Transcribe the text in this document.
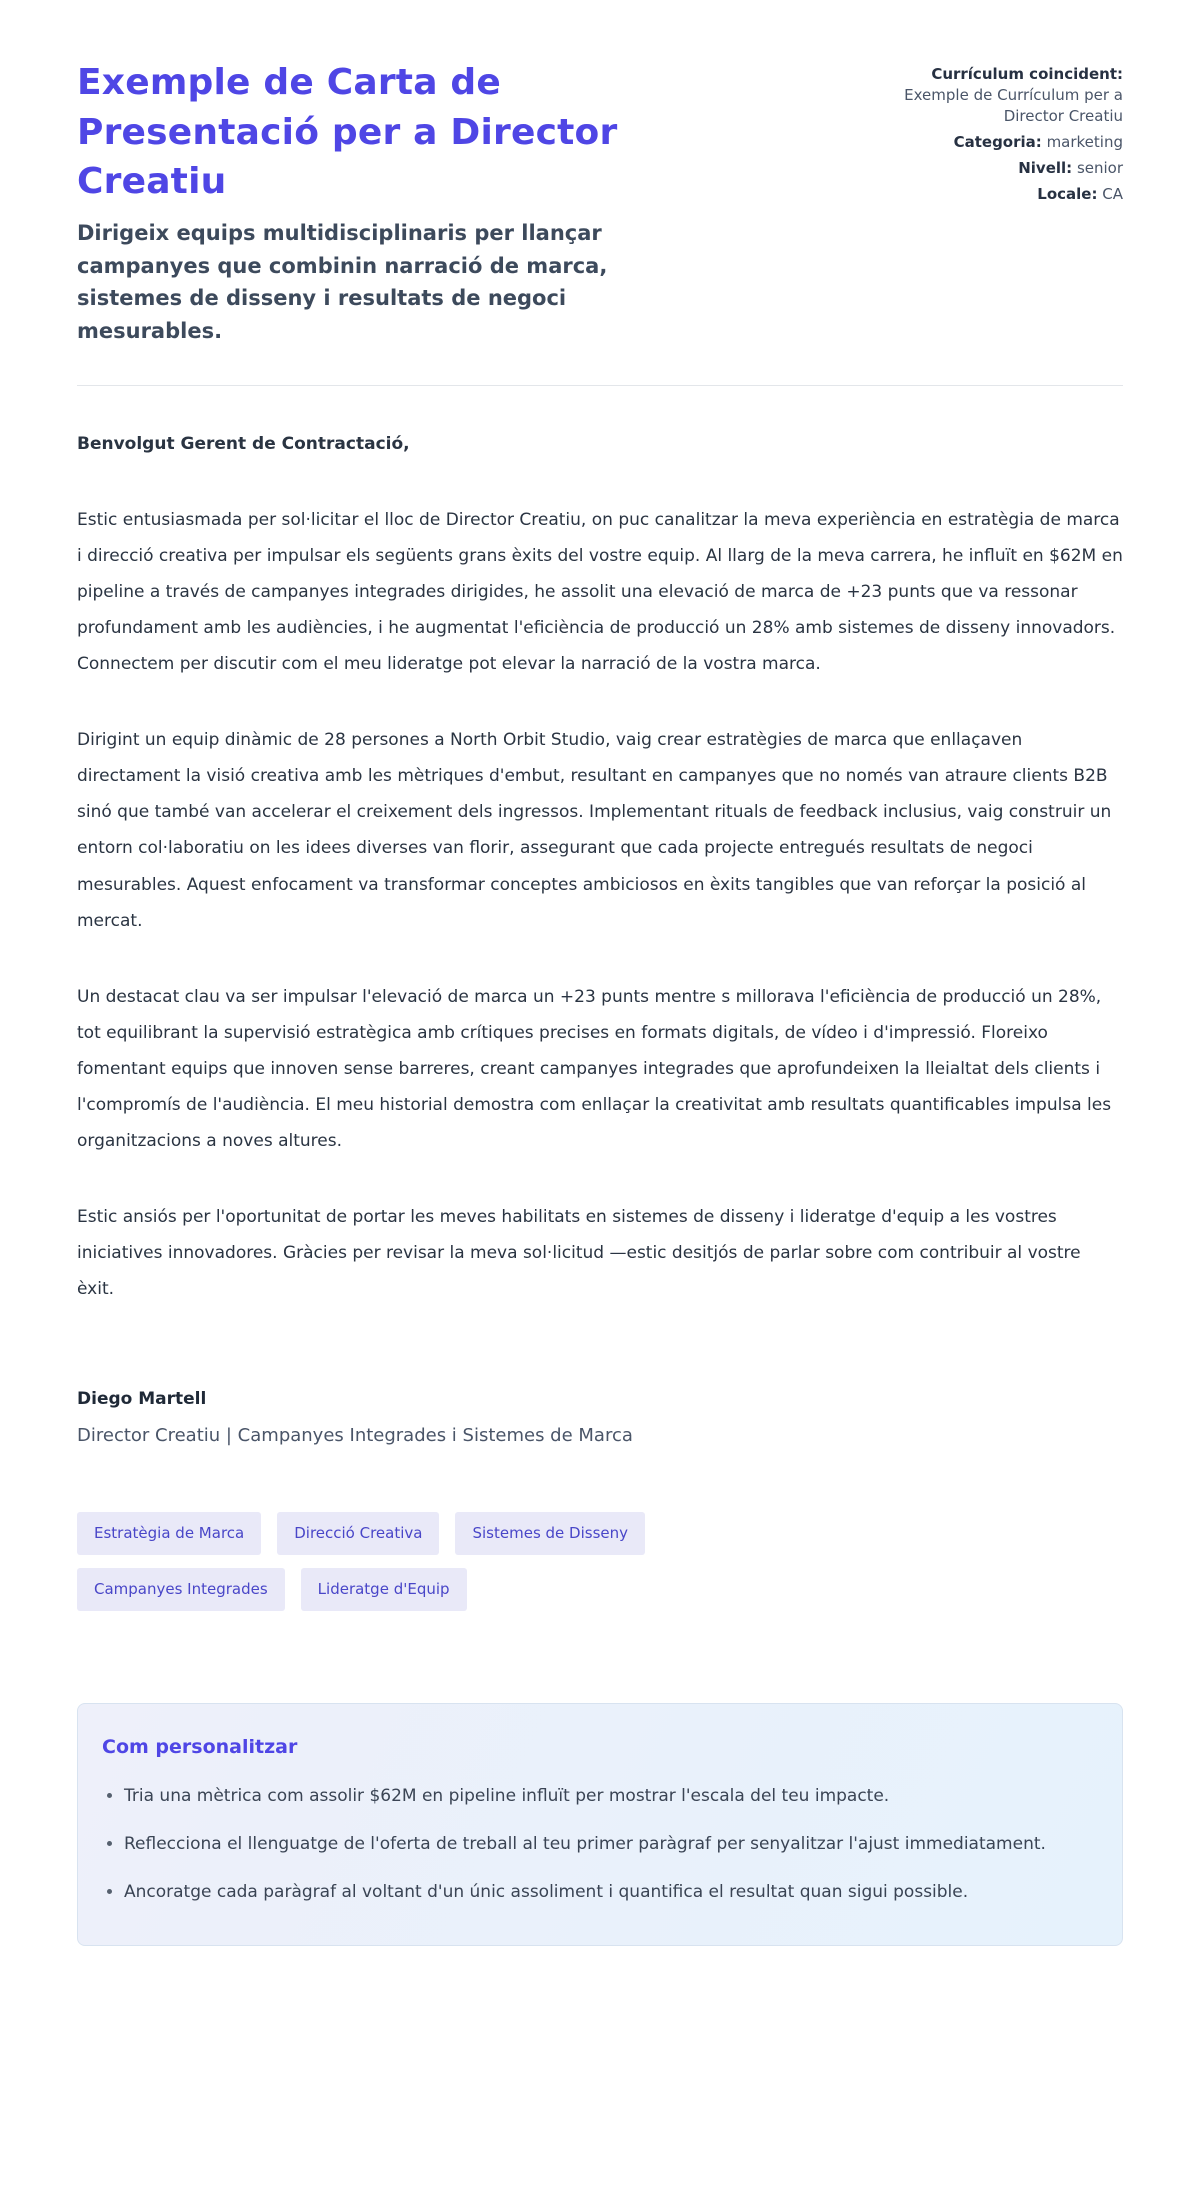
Exemple de Carta de Presentació per a Director Creatiu
Dirigeix equips multidisciplinaris per llançar campanyes que combinin narració de marca, sistemes de disseny i resultats de negoci mesurables.
Currículum coincident: Exemple de Currículum per a Director Creatiu
Categoria: marketing
Nivell: senior
Locale: CA

Benvolgut Gerent de Contractació,

Estic entusiasmada per sol·licitar el lloc de Director Creatiu, on puc canalitzar la meva experiència en estratègia de marca i direcció creativa per impulsar els següents grans èxits del vostre equip. Al llarg de la meva carrera, he influït en $62M en pipeline a través de campanyes integrades dirigides, he assolit una elevació de marca de +23 punts que va ressonar profundament amb les audiències, i he augmentat l'eficiència de producció un 28% amb sistemes de disseny innovadors. Connectem per discutir com el meu lideratge pot elevar la narració de la vostra marca.

Dirigint un equip dinàmic de 28 persones a North Orbit Studio, vaig crear estratègies de marca que enllaçaven directament la visió creativa amb les mètriques d'embut, resultant en campanyes que no només van atraure clients B2B sinó que també van accelerar el creixement dels ingressos. Implementant rituals de feedback inclusius, vaig construir un entorn col·laboratiu on les idees diverses van florir, assegurant que cada projecte entregués resultats de negoci mesurables. Aquest enfocament va transformar conceptes ambiciosos en èxits tangibles que van reforçar la posició al mercat.

Un destacat clau va ser impulsar l'elevació de marca un +23 punts mentre s millorava l'eficiència de producció un 28%, tot equilibrant la supervisió estratègica amb crítiques precises en formats digitals, de vídeo i d'impressió. Floreixo fomentant equips que innoven sense barreres, creant campanyes integrades que aprofundeixen la lleialtat dels clients i l'compromís de l'audiència. El meu historial demostra com enllaçar la creativitat amb resultats quantificables impulsa les organitzacions a noves altures.

Estic ansiós per l'oportunitat de portar les meves habilitats en sistemes de disseny i lideratge d'equip a les vostres iniciatives innovadores. Gràcies per revisar la meva sol·licitud —estic desitjós de parlar sobre com contribuir al vostre èxit.

Diego Martell
Director Creatiu | Campanyes Integrades i Sistemes de Marca
Estratègia de Marca	Direcció Creativa	Sistemes de Disseny
Campanyes Integrades	Lideratge d'Equip
Com personalitzar
• Tria una mètrica com assolir $62M en pipeline influït per mostrar l'escala del teu impacte.
• Reflecciona el llenguatge de l'oferta de treball al teu primer paràgraf per senyalitzar l'ajust immediatament.
• Ancoratge cada paràgraf al voltant d'un únic assoliment i quantifica el resultat quan sigui possible.
